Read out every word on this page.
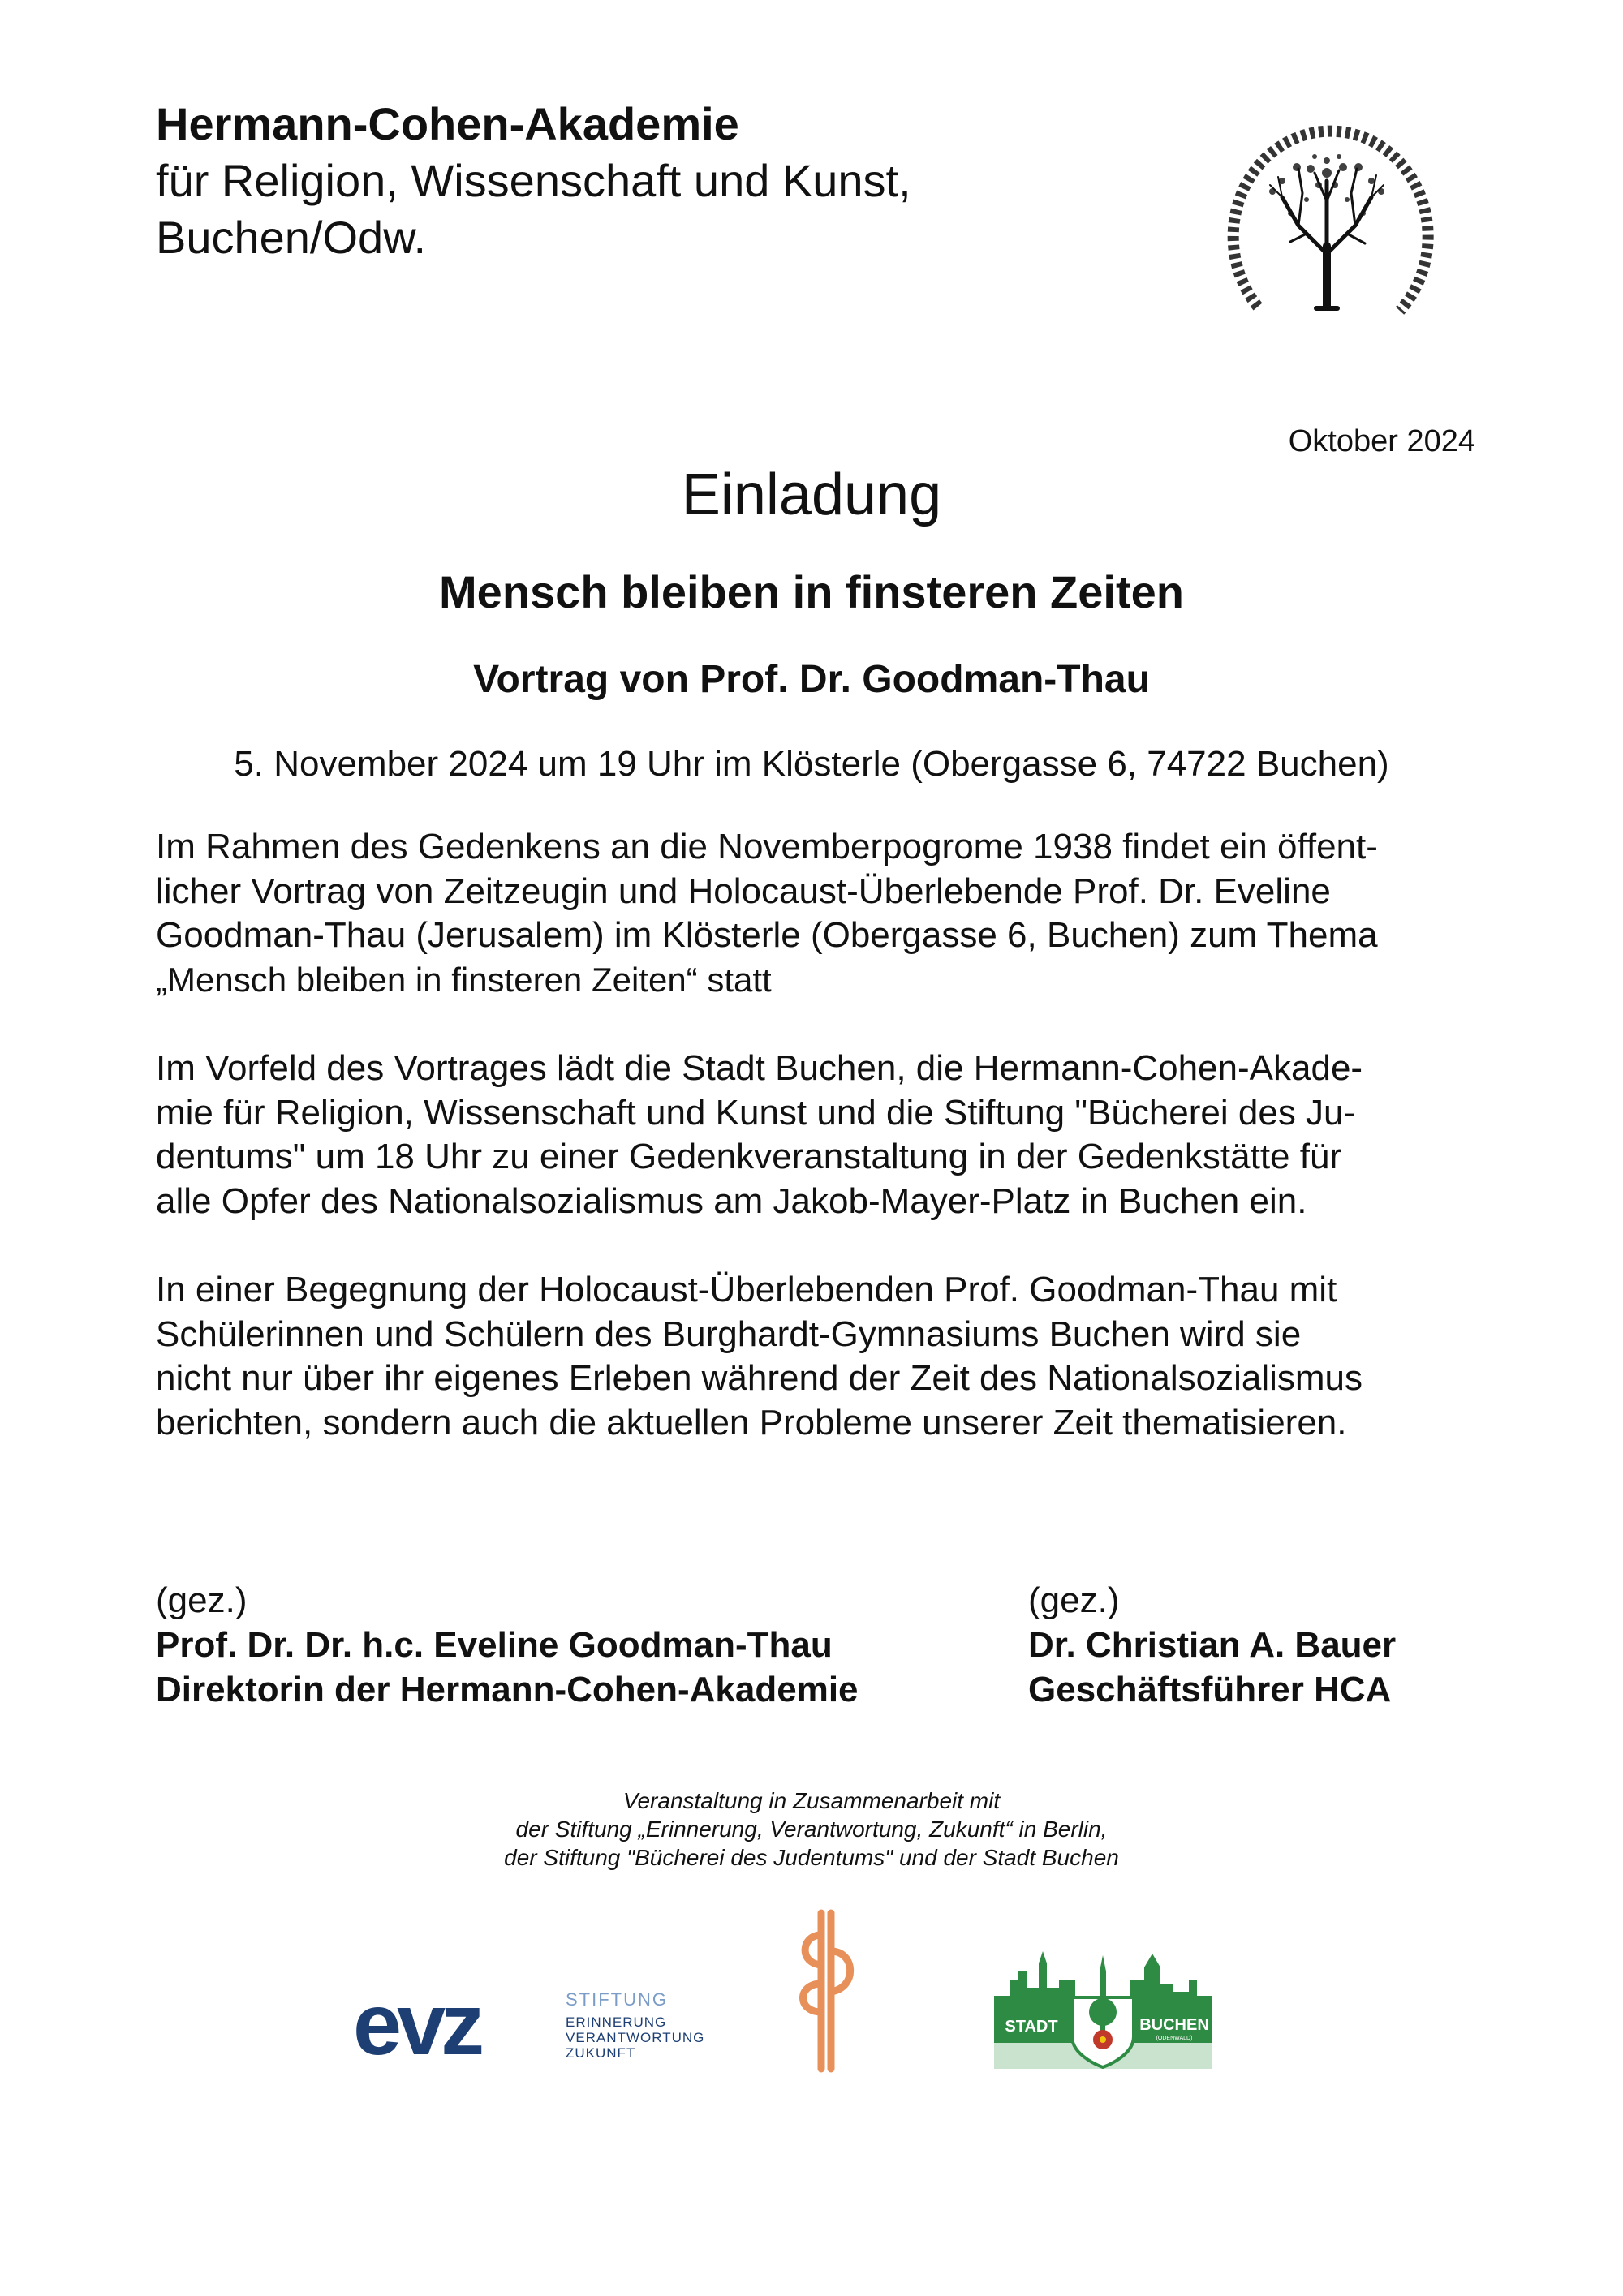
Hermann-Cohen-Akademie
für Religion, Wissenschaft und Kunst,
Buchen/Odw.
Oktober 2024
Einladung
Mensch bleiben in finsteren Zeiten
Vortrag von Prof. Dr. Goodman-Thau
5. November 2024 um 19 Uhr im Klösterle (Obergasse 6, 74722 Buchen)

Im Rahmen des Gedenkens an die Novemberpogrome 1938 findet ein öffent-
licher Vortrag von Zeitzeugin und Holocaust-Überlebende Prof. Dr. Eveline
Goodman-Thau (Jerusalem) im Klösterle (Obergasse 6, Buchen) zum Thema
„Mensch bleiben in finsteren Zeiten“ statt

Im Vorfeld des Vortrages lädt die Stadt Buchen, die Hermann-Cohen-Akade-
mie für Religion, Wissenschaft und Kunst und die Stiftung "Bücherei des Ju-
dentums" um 18 Uhr zu einer Gedenkveranstaltung in der Gedenkstätte für
alle Opfer des Nationalsozialismus am Jakob-Mayer-Platz in Buchen ein.

In einer Begegnung der Holocaust-Überlebenden Prof. Goodman-Thau mit
Schülerinnen und Schülern des Burghardt-Gymnasiums Buchen wird sie
nicht nur über ihr eigenes Erleben während der Zeit des Nationalsozialismus
berichten, sondern auch die aktuellen Probleme unserer Zeit thematisieren.

(gez.)
Prof. Dr. Dr. h.c. Eveline Goodman-Thau
Direktorin der Hermann-Cohen-Akademie
(gez.)
Dr. Christian A. Bauer
Geschäftsführer HCA
Veranstaltung in Zusammenarbeit mit
der Stiftung „Erinnerung, Verantwortung, Zukunft“ in Berlin,
der Stiftung "Bücherei des Judentums" und der Stadt Buchen
evz	STIFTUNG
ERINNERUNG
VERANTWORTUNG
ZUKUNFT
STADT	BUCHEN
(ODENWALD)
